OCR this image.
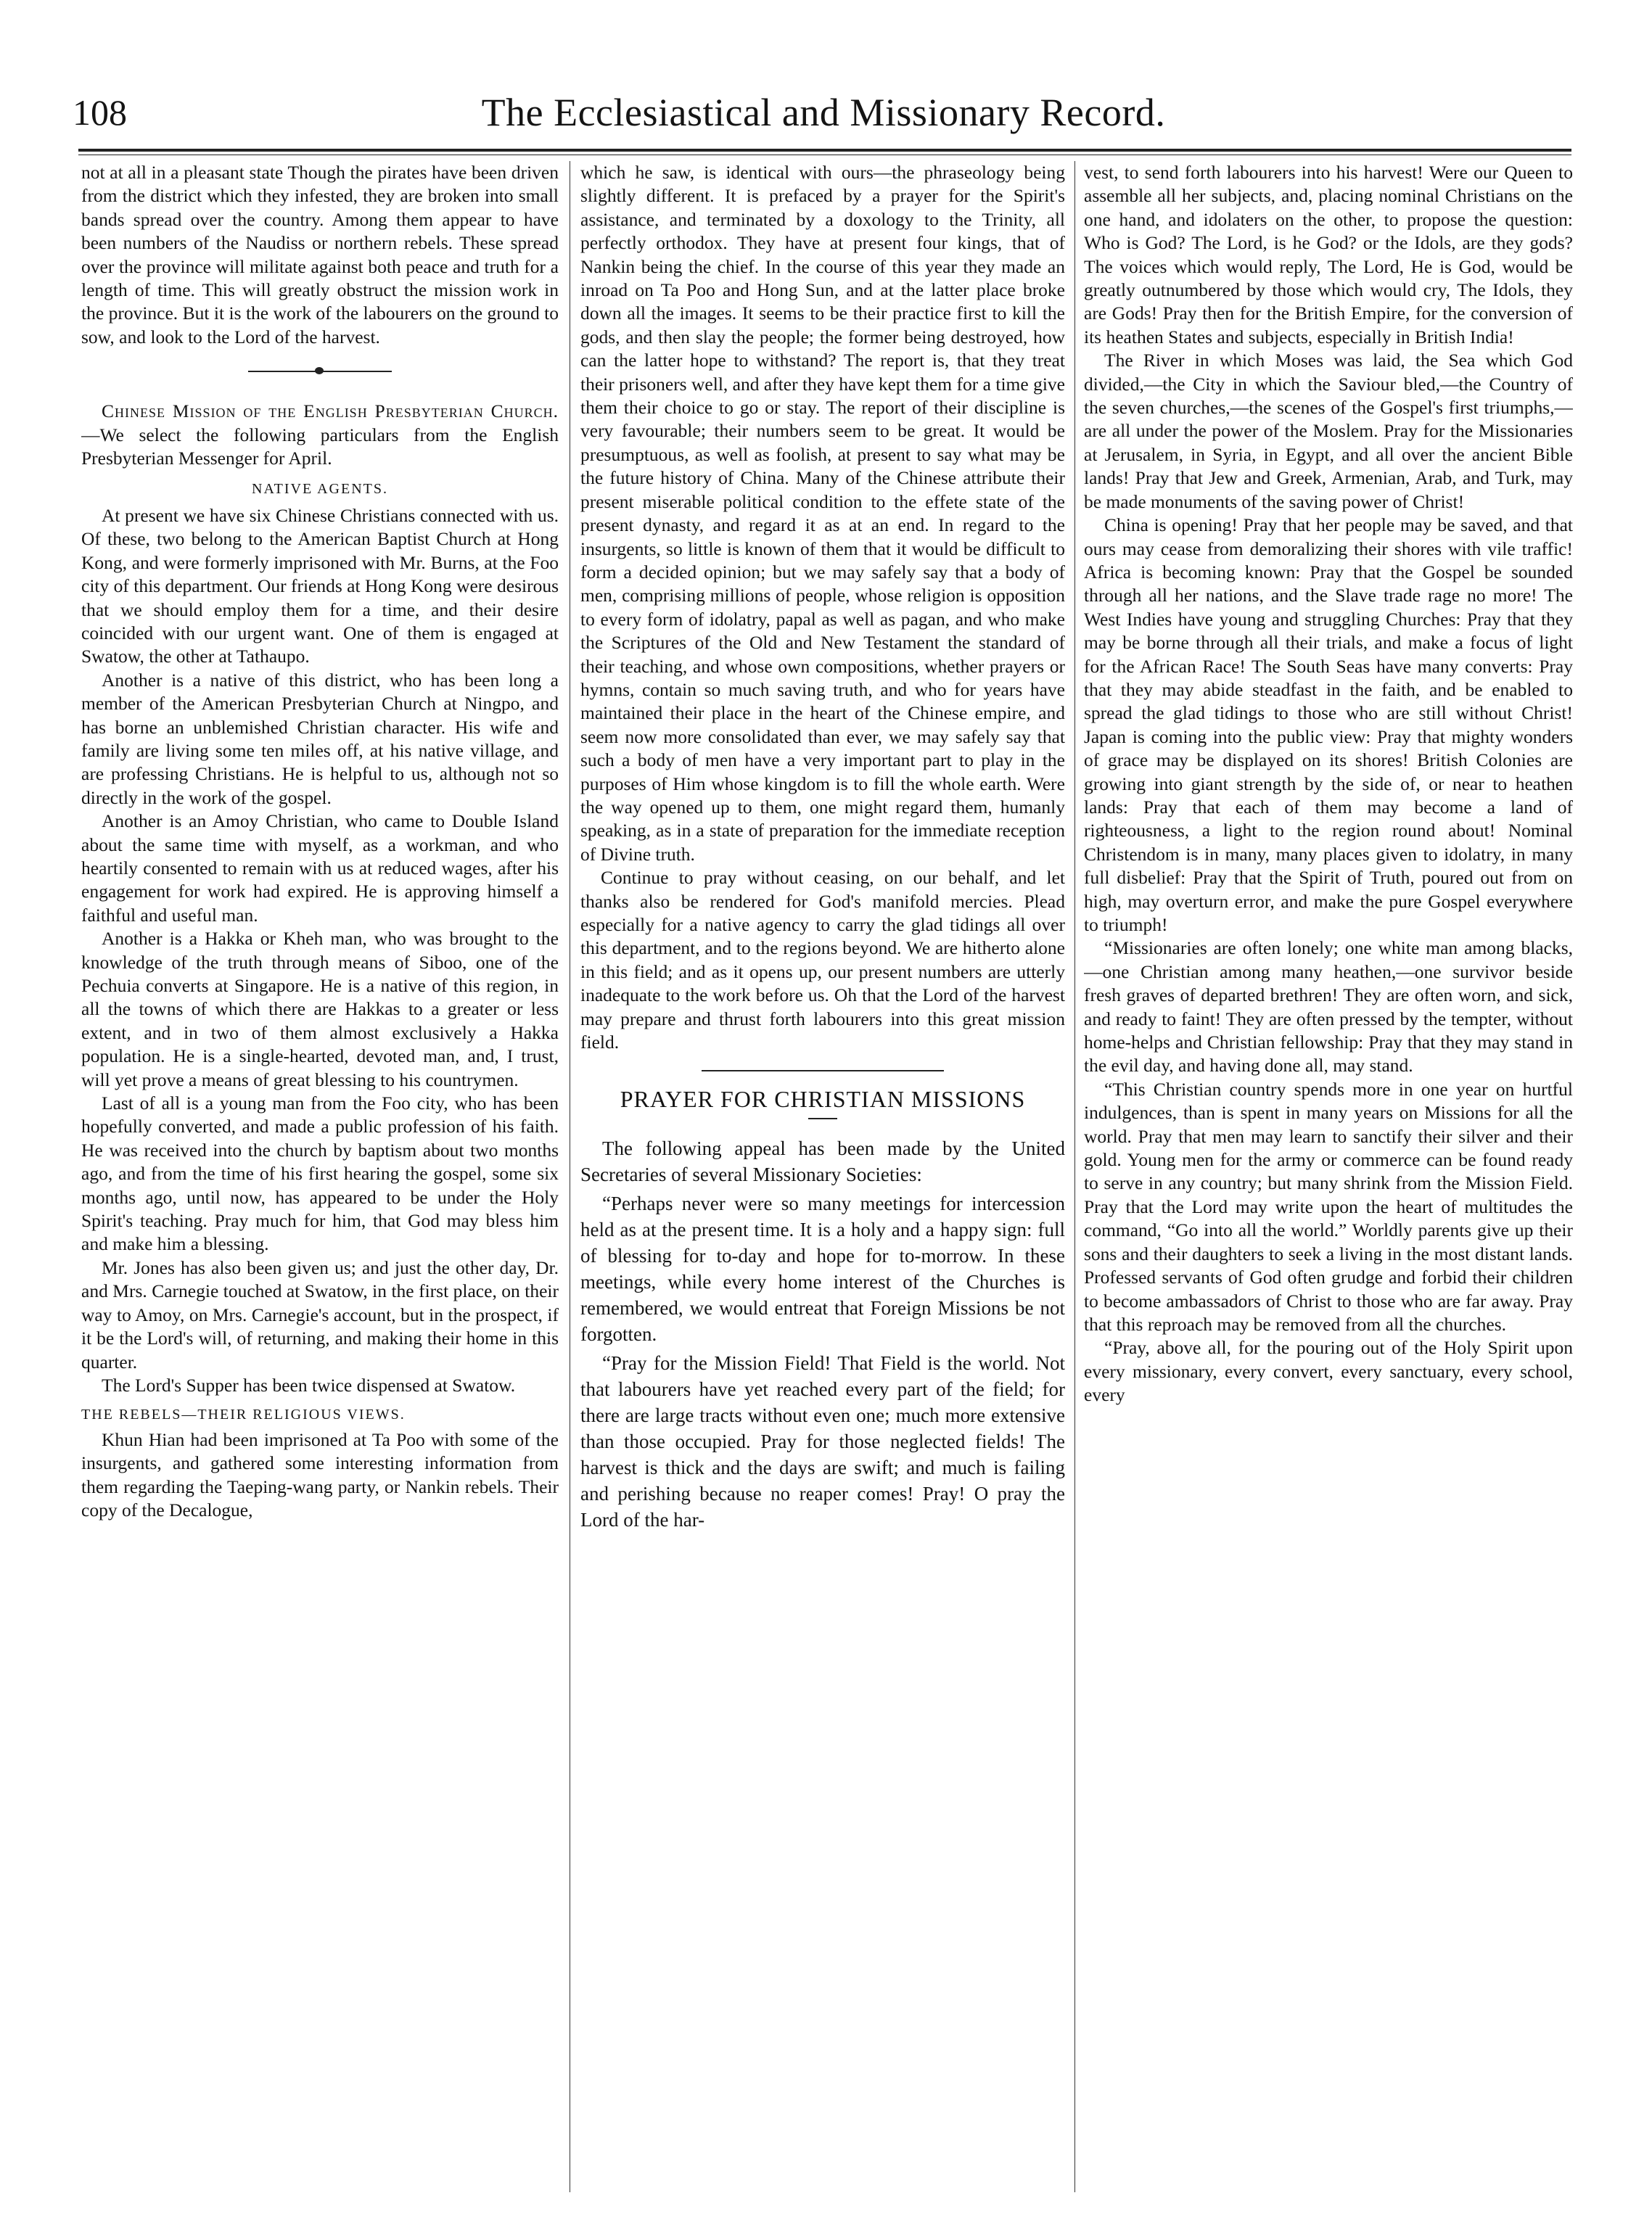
108	The Ecclesiastical and Missionary Record.

not at all in a pleasant state Though the pirates have been driven from the district which they infested, they are broken into small bands spread over the country. Among them appear to have been numbers of the Naudiss or northern rebels. These spread over the province will militate against both peace and truth for a length of time. This will greatly obstruct the mission work in the province. But it is the work of the labourers on the ground to sow, and look to the Lord of the harvest.

Chinese Mission of the English Presbyterian Church.—We select the following particulars from the English Presbyterian Messenger for April.

NATIVE AGENTS.

At present we have six Chinese Christians connected with us. Of these, two belong to the American Baptist Church at Hong Kong, and were formerly imprisoned with Mr. Burns, at the Foo city of this department. Our friends at Hong Kong were desirous that we should employ them for a time, and their desire coincided with our urgent want. One of them is engaged at Swatow, the other at Tathaupo.

Another is a native of this district, who has been long a member of the American Presbyterian Church at Ningpo, and has borne an unblemished Christian character. His wife and family are living some ten miles off, at his native village, and are professing Christians. He is helpful to us, although not so directly in the work of the gospel.

Another is an Amoy Christian, who came to Double Island about the same time with myself, as a workman, and who heartily consented to remain with us at reduced wages, after his engagement for work had expired. He is approving himself a faithful and useful man.

Another is a Hakka or Kheh man, who was brought to the knowledge of the truth through means of Siboo, one of the Pechuia converts at Singapore. He is a native of this region, in all the towns of which there are Hakkas to a greater or less extent, and in two of them almost exclusively a Hakka population. He is a single-hearted, devoted man, and, I trust, will yet prove a means of great blessing to his countrymen.

Last of all is a young man from the Foo city, who has been hopefully converted, and made a public profession of his faith. He was received into the church by baptism about two months ago, and from the time of his first hearing the gospel, some six months ago, until now, has appeared to be under the Holy Spirit's teaching. Pray much for him, that God may bless him and make him a blessing.

Mr. Jones has also been given us; and just the other day, Dr. and Mrs. Carnegie touched at Swatow, in the first place, on their way to Amoy, on Mrs. Carnegie's account, but in the prospect, if it be the Lord's will, of returning, and making their home in this quarter.

The Lord's Supper has been twice dispensed at Swatow.

THE REBELS—THEIR RELIGIOUS VIEWS.

Khun Hian had been imprisoned at Ta Poo with some of the insurgents, and gathered some interesting information from them regarding the Taeping-wang party, or Nankin rebels. Their copy of the Decalogue,

which he saw, is identical with ours—the phraseology being slightly different. It is prefaced by a prayer for the Spirit's assistance, and terminated by a doxology to the Trinity, all perfectly orthodox. They have at present four kings, that of Nankin being the chief. In the course of this year they made an inroad on Ta Poo and Hong Sun, and at the latter place broke down all the images. It seems to be their practice first to kill the gods, and then slay the people; the former being destroyed, how can the latter hope to withstand? The report is, that they treat their prisoners well, and after they have kept them for a time give them their choice to go or stay. The report of their discipline is very favourable; their numbers seem to be great. It would be presumptuous, as well as foolish, at present to say what may be the future history of China. Many of the Chinese attribute their present miserable political condition to the effete state of the present dynasty, and regard it as at an end. In regard to the insurgents, so little is known of them that it would be difficult to form a decided opinion; but we may safely say that a body of men, comprising millions of people, whose religion is opposition to every form of idolatry, papal as well as pagan, and who make the Scriptures of the Old and New Testament the standard of their teaching, and whose own compositions, whether prayers or hymns, contain so much saving truth, and who for years have maintained their place in the heart of the Chinese empire, and seem now more consolidated than ever, we may safely say that such a body of men have a very important part to play in the purposes of Him whose kingdom is to fill the whole earth. Were the way opened up to them, one might regard them, humanly speaking, as in a state of preparation for the immediate reception of Divine truth.

Continue to pray without ceasing, on our behalf, and let thanks also be rendered for God's manifold mercies. Plead especially for a native agency to carry the glad tidings all over this department, and to the regions beyond. We are hitherto alone in this field; and as it opens up, our present numbers are utterly inadequate to the work before us. Oh that the Lord of the harvest may prepare and thrust forth labourers into this great mission field.

PRAYER FOR CHRISTIAN MISSIONS

The following appeal has been made by the United Secretaries of several Missionary Societies:

“Perhaps never were so many meetings for intercession held as at the present time. It is a holy and a happy sign: full of blessing for to-day and hope for to-morrow. In these meetings, while every home interest of the Churches is remembered, we would entreat that Foreign Missions be not forgotten.

“Pray for the Mission Field! That Field is the world. Not that labourers have yet reached every part of the field; for there are large tracts without even one; much more extensive than those occupied. Pray for those neglected fields! The harvest is thick and the days are swift; and much is failing and perishing because no reaper comes! Pray! O pray the Lord of the har-

vest, to send forth labourers into his harvest! Were our Queen to assemble all her subjects, and, placing nominal Christians on the one hand, and idolaters on the other, to propose the question: Who is God? The Lord, is he God? or the Idols, are they gods? The voices which would reply, The Lord, He is God, would be greatly outnumbered by those which would cry, The Idols, they are Gods! Pray then for the British Empire, for the conversion of its heathen States and subjects, especially in British India!

The River in which Moses was laid, the Sea which God divided,—the City in which the Saviour bled,—the Country of the seven churches,—the scenes of the Gospel's first triumphs,—are all under the power of the Moslem. Pray for the Missionaries at Jerusalem, in Syria, in Egypt, and all over the ancient Bible lands! Pray that Jew and Greek, Armenian, Arab, and Turk, may be made monuments of the saving power of Christ!

China is opening! Pray that her people may be saved, and that ours may cease from demoralizing their shores with vile traffic! Africa is becoming known: Pray that the Gospel be sounded through all her nations, and the Slave trade rage no more! The West Indies have young and struggling Churches: Pray that they may be borne through all their trials, and make a focus of light for the African Race! The South Seas have many converts: Pray that they may abide steadfast in the faith, and be enabled to spread the glad tidings to those who are still without Christ! Japan is coming into the public view: Pray that mighty wonders of grace may be displayed on its shores! British Colonies are growing into giant strength by the side of, or near to heathen lands: Pray that each of them may become a land of righteousness, a light to the region round about! Nominal Christendom is in many, many places given to idolatry, in many full disbelief: Pray that the Spirit of Truth, poured out from on high, may overturn error, and make the pure Gospel everywhere to triumph!

“Missionaries are often lonely; one white man among blacks,—one Christian among many heathen,—one survivor beside fresh graves of departed brethren! They are often worn, and sick, and ready to faint! They are often pressed by the tempter, without home-helps and Christian fellowship: Pray that they may stand in the evil day, and having done all, may stand.

“This Christian country spends more in one year on hurtful indulgences, than is spent in many years on Missions for all the world. Pray that men may learn to sanctify their silver and their gold. Young men for the army or commerce can be found ready to serve in any country; but many shrink from the Mission Field. Pray that the Lord may write upon the heart of multitudes the command, “Go into all the world.” Worldly parents give up their sons and their daughters to seek a living in the most distant lands. Professed servants of God often grudge and forbid their children to become ambassadors of Christ to those who are far away. Pray that this reproach may be removed from all the churches.

“Pray, above all, for the pouring out of the Holy Spirit upon every missionary, every convert, every sanctuary, every school, every
